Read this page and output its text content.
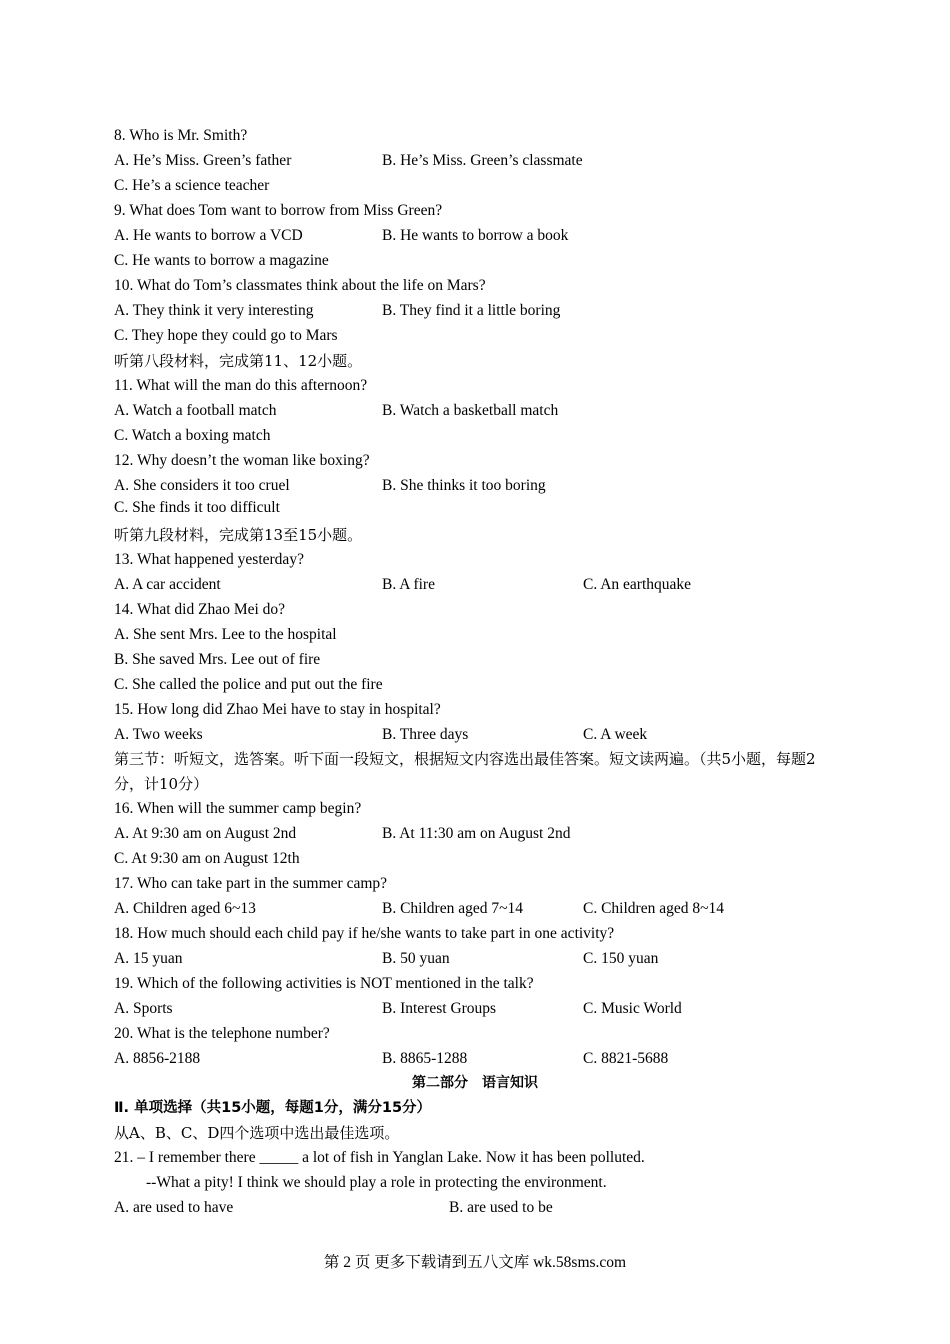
8. Who is Mr. Smith?
A. He’s Miss. Green’s father	B. He’s Miss. Green’s classmate
C. He’s a science teacher
9. What does Tom want to borrow from Miss Green?
A. He wants to borrow a VCD	B. He wants to borrow a book
C. He wants to borrow a magazine
10. What do Tom’s classmates think about the life on Mars?
A. They think it very interesting	B. They find it a little boring
C. They hope they could go to Mars
听第八段材料，完成第11、12小题。
11. What will the man do this afternoon?
A. Watch a football match	B. Watch a basketball match
C. Watch a boxing match
12. Why doesn’t the woman like boxing?
A. She considers it too cruel	B. She thinks it too boring
C. She finds it too difficult
听第九段材料，完成第13至15小题。
13. What happened yesterday?
A. A car accident	B. A fire	C. An earthquake
14. What did Zhao Mei do?
A. She sent Mrs. Lee to the hospital
B. She saved Mrs. Lee out of fire
C. She called the police and put out the fire
15. How long did Zhao Mei have to stay in hospital?
A. Two weeks	B. Three days	C. A week
第三节：听短文，选答案。听下面一段短文，根据短文内容选出最佳答案。短文读两遍。（共5小题，每题2分，计10分）
16. When will the summer camp begin?
A. At 9:30 am on August 2nd	B. At 11:30 am on August 2nd
C. At 9:30 am on August 12th
17. Who can take part in the summer camp?
A. Children aged 6~13	B. Children aged 7~14	C. Children aged 8~14
18. How much should each child pay if he/she wants to take part in one activity?
A. 15 yuan	B. 50 yuan	C. 150 yuan
19. Which of the following activities is NOT mentioned in the talk?
A. Sports	B. Interest Groups	C. Music World
20. What is the telephone number?
A. 8856-2188	B. 8865-1288	C. 8821-5688
第二部分　语言知识
Ⅱ. 单项选择（共15小题，每题1分，满分15分）
从A、B、C、D四个选项中选出最佳选项。
21. – I remember there _____ a lot of fish in Yanglan Lake. Now it has been polluted.
--What a pity! I think we should play a role in protecting the environment.
A. are used to have	B. are used to be
第 2 页 更多下载请到五八文库 wk.58sms.com
